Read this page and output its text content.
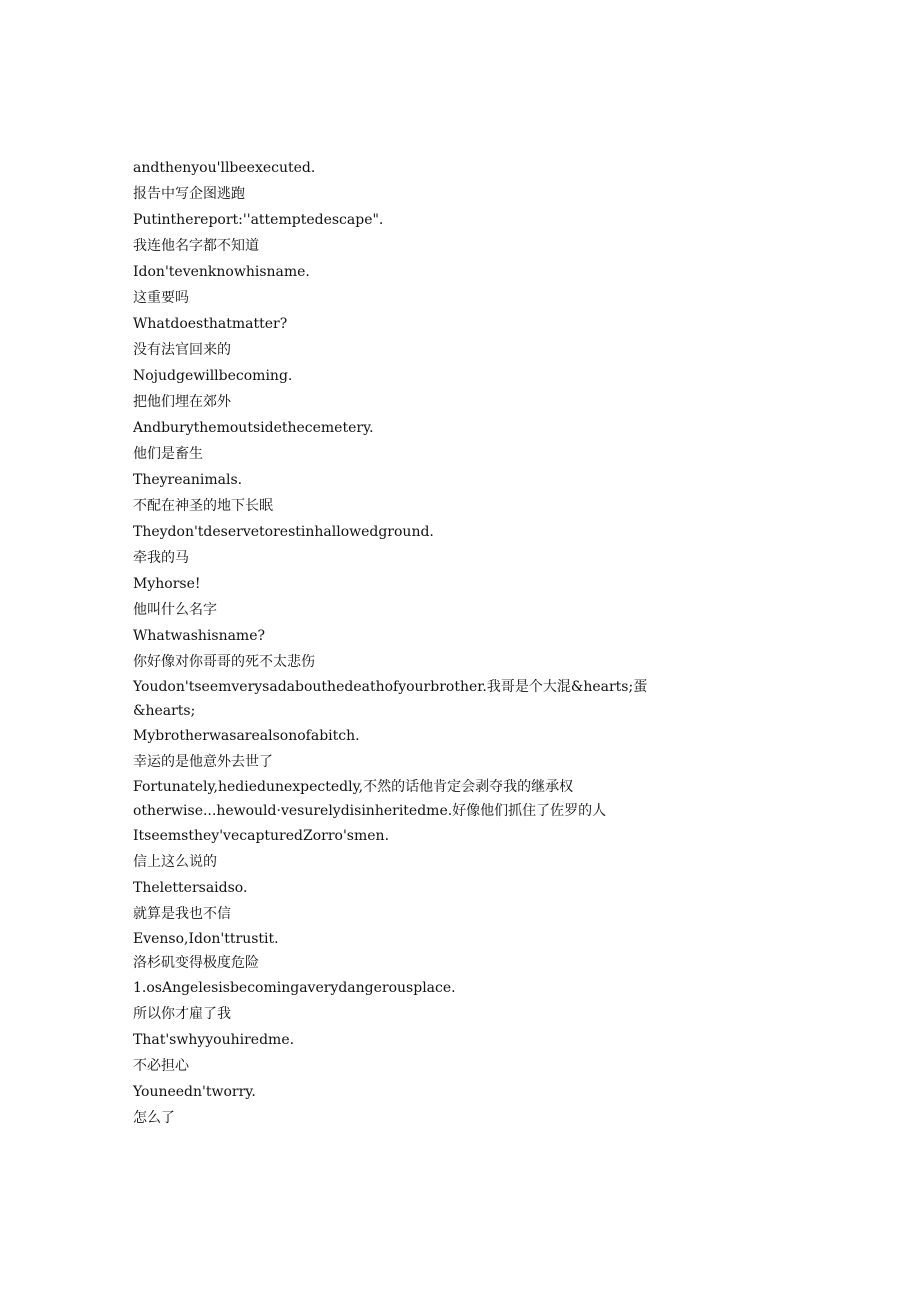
andthenyou'llbeexecuted.
报告中写企图逃跑
Putinthereport:''attemptedescape".
我连他名字都不知道
Idon'tevenknowhisname.
这重要吗
Whatdoesthatmatter?
没有法官回来的
Nojudgewillbecoming.
把他们埋在郊外
Andburythemoutsidethecemetery.
他们是畜生
Theyreanimals.
不配在神圣的地下长眠
Theydon'tdeservetorestinhallowedground.
牵我的马
Myhorse!
他叫什么名字
Whatwashisname?
你好像对你哥哥的死不太悲伤
Youdon'tseemverysadabouthedeathofyourbrother.我哥是个大混&hearts;蛋
&hearts;
Mybrotherwasarealsonofabitch.
幸运的是他意外去世了
Fortunately,hediedunexpectedly,不然的话他肯定会剥夺我的继承权
otherwise...hewould·vesurelydisinheritedme.好像他们抓住了佐罗的人
Itseemsthey'vecapturedZorro'smen.
信上这么说的
Thelettersaidso.
就算是我也不信
Evenso,Idon'ttrustit.
洛杉矶变得极度危险
1.osAngelesisbecomingaverydangerousplace.
所以你才雇了我
That'swhyyouhiredme.
不必担心
Youneedn'tworry.
怎么了
